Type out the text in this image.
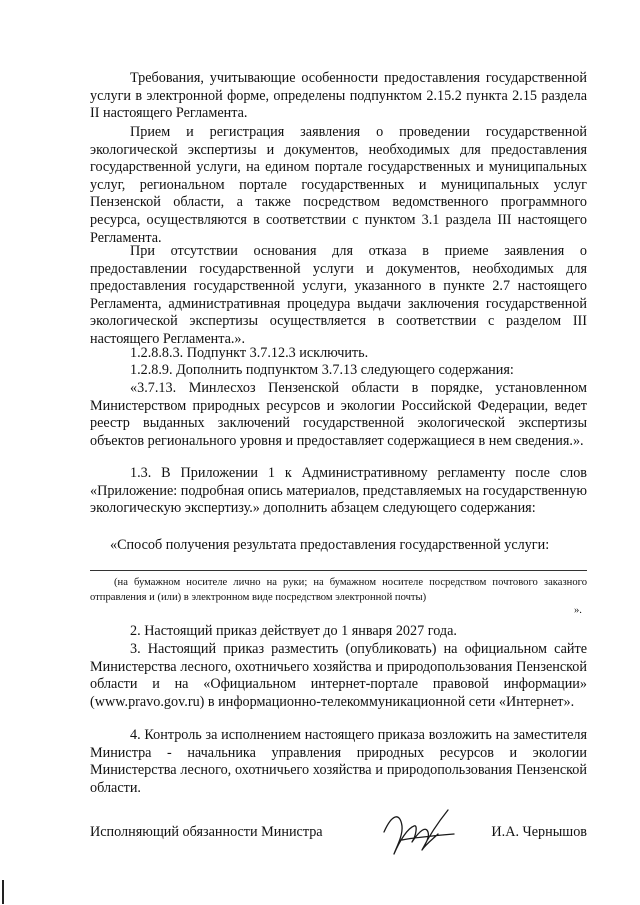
Требования, учитывающие особенности предоставления государственной услуги в электронной форме, определены подпунктом 2.15.2 пункта 2.15 раздела II настоящего Регламента.

Прием и регистрация заявления о проведении государственной экологической экспертизы и документов, необходимых для предоставления государственной услуги, на едином портале государственных и муниципальных услуг, региональном портале государственных и муниципальных услуг Пензенской области, а также посредством ведомственного программного ресурса, осуществляются в соответствии с пунктом 3.1 раздела III настоящего Регламента.

При отсутствии основания для отказа в приеме заявления о предоставлении государственной услуги и документов, необходимых для предоставления государственной услуги, указанного в пункте 2.7 настоящего Регламента, административная процедура выдачи заключения государственной экологической экспертизы осуществляется в соответствии с разделом III настоящего Регламента.».

1.2.8.8.3. Подпункт 3.7.12.3 исключить.

1.2.8.9. Дополнить подпунктом 3.7.13 следующего содержания:

«3.7.13. Минлесхоз Пензенской области в порядке, установленном Министерством природных ресурсов и экологии Российской Федерации, ведет реестр выданных заключений государственной экологической экспертизы объектов регионального уровня и предоставляет содержащиеся в нем сведения.».

1.3. В Приложении 1 к Административному регламенту после слов «Приложение: подробная опись материалов, представляемых на государственную экологическую экспертизу.» дополнить абзацем следующего содержания:

«Способ получения результата предоставления государственной услуги:

(на бумажном носителе лично на руки; на бумажном носителе посредством почтового заказного отправления и (или) в электронном виде посредством электронной почты)

».

2. Настоящий приказ действует до 1 января 2027 года.

3. Настоящий приказ разместить (опубликовать) на официальном сайте Министерства лесного, охотничьего хозяйства и природопользования Пензенской области и на «Официальном интернет-портале правовой информации» (www.pravo.gov.ru) в информационно-телекоммуникационной сети «Интернет».

4. Контроль за исполнением настоящего приказа возложить на заместителя Министра - начальника управления природных ресурсов и экологии Министерства лесного, охотничьего хозяйства и природопользования Пензенской области.

Исполняющий обязанности Министра	И.А. Чернышов
